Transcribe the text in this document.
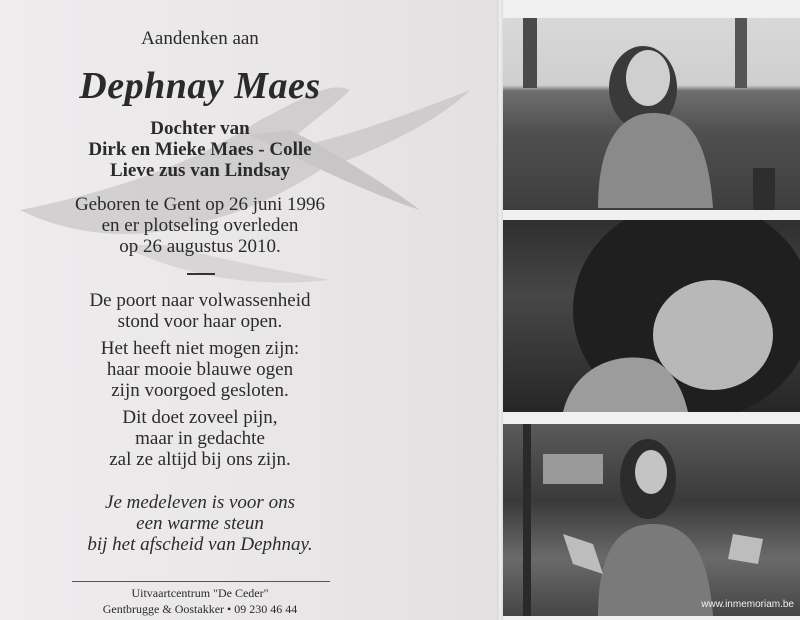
Aandenken aan
Dephnay Maes
Dochter van
Dirk en Mieke Maes - Colle
Lieve zus van Lindsay
Geboren te Gent op 26 juni 1996
en er plotseling overleden
op 26 augustus 2010.
De poort naar volwassenheid
stond voor haar open.
Het heeft niet mogen zijn:
haar mooie blauwe ogen
zijn voorgoed gesloten.
Dit doet zoveel pijn,
maar in gedachte
zal ze altijd bij ons zijn.
Je medeleven is voor ons
een warme steun
bij het afscheid van Dephnay.
Uitvaartcentrum "De Ceder"
Gentbrugge & Oostakker • 09 230 46 44	www.inmemoriam.be
